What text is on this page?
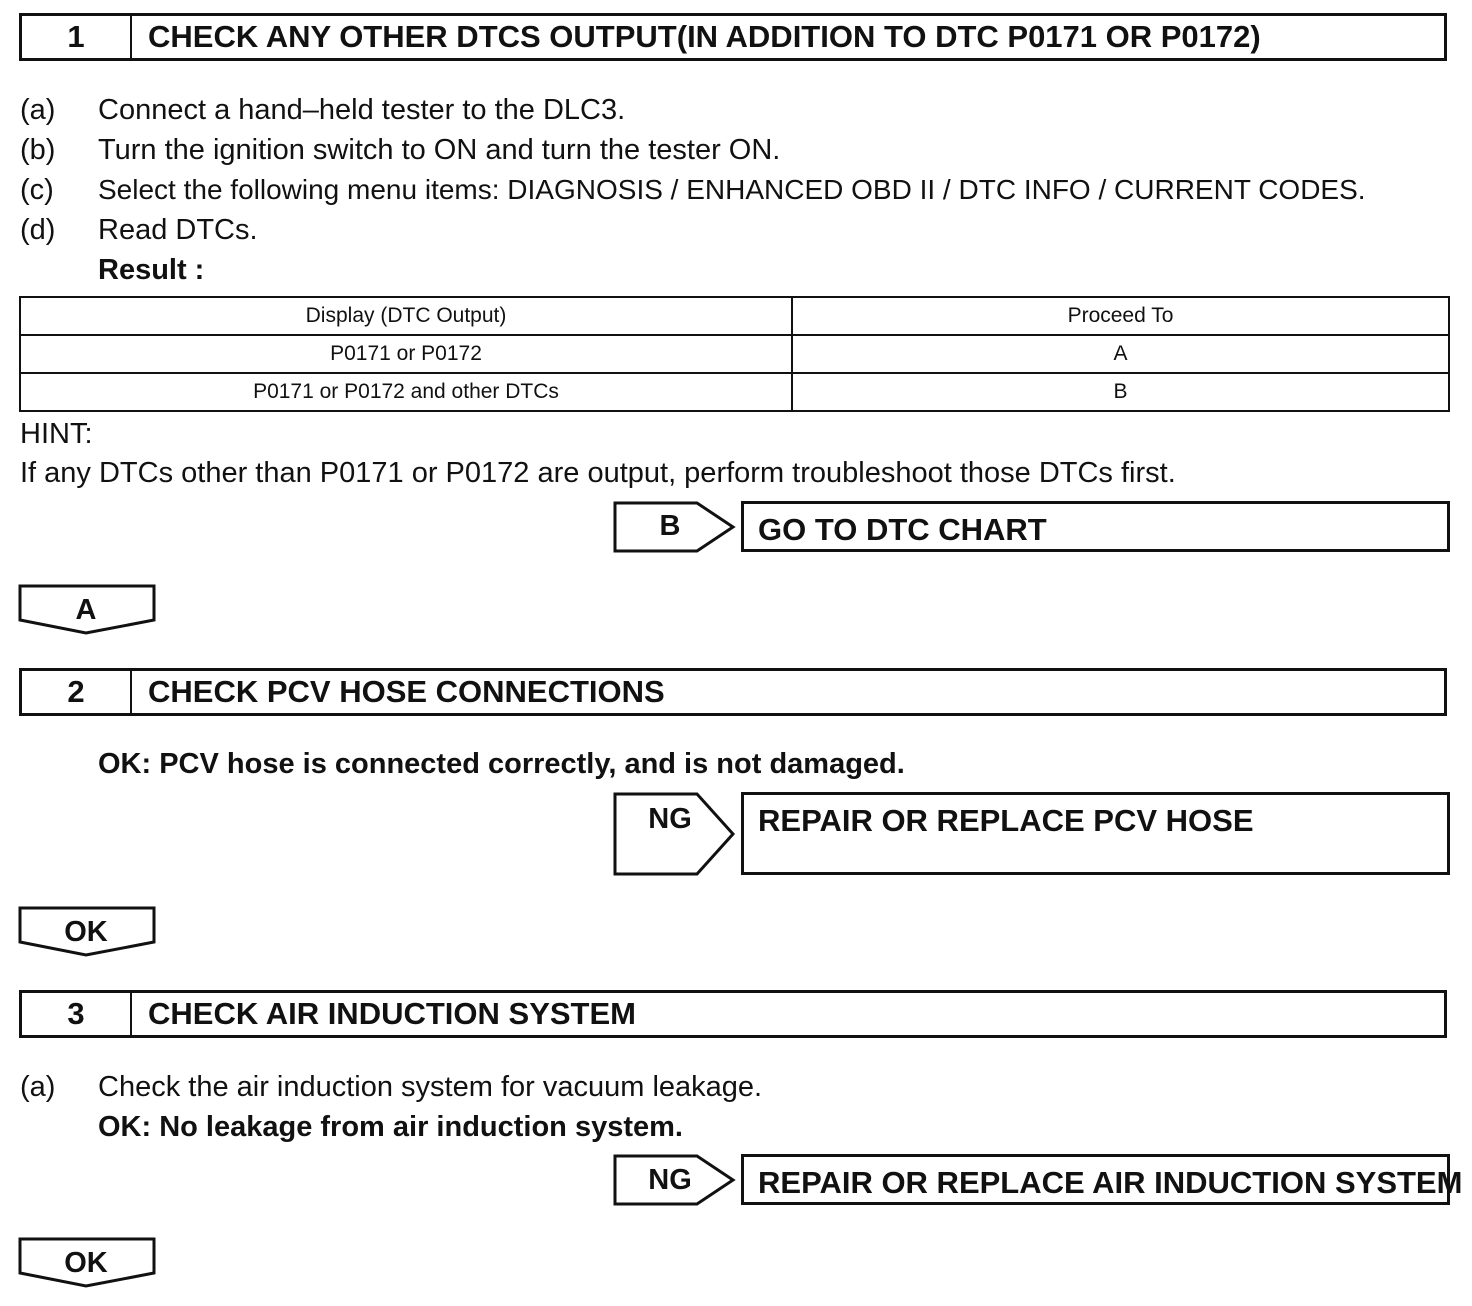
1	CHECK ANY OTHER DTCS OUTPUT(IN ADDITION TO DTC P0171 OR P0172)
(a) Connect a hand–held tester to the DLC3.
(b) Turn the ignition switch to ON and turn the tester ON.
(c) Select the following menu items: DIAGNOSIS / ENHANCED OBD II / DTC INFO / CURRENT CODES.
(d) Read DTCs.
Result :
Display (DTC Output)	Proceed To
P0171 or P0172	A
P0171 or P0172 and other DTCs	B
HINT:
If any DTCs other than P0171 or P0172 are output, perform troubleshoot those DTCs first.
B	GO TO DTC CHART
A
2	CHECK PCV HOSE CONNECTIONS
OK: PCV hose is connected correctly, and is not damaged.
NG	REPAIR OR REPLACE PCV HOSE
OK
3	CHECK AIR INDUCTION SYSTEM
(a) Check the air induction system for vacuum leakage.
OK: No leakage from air induction system.
NG	REPAIR OR REPLACE AIR INDUCTION SYSTEM
OK
